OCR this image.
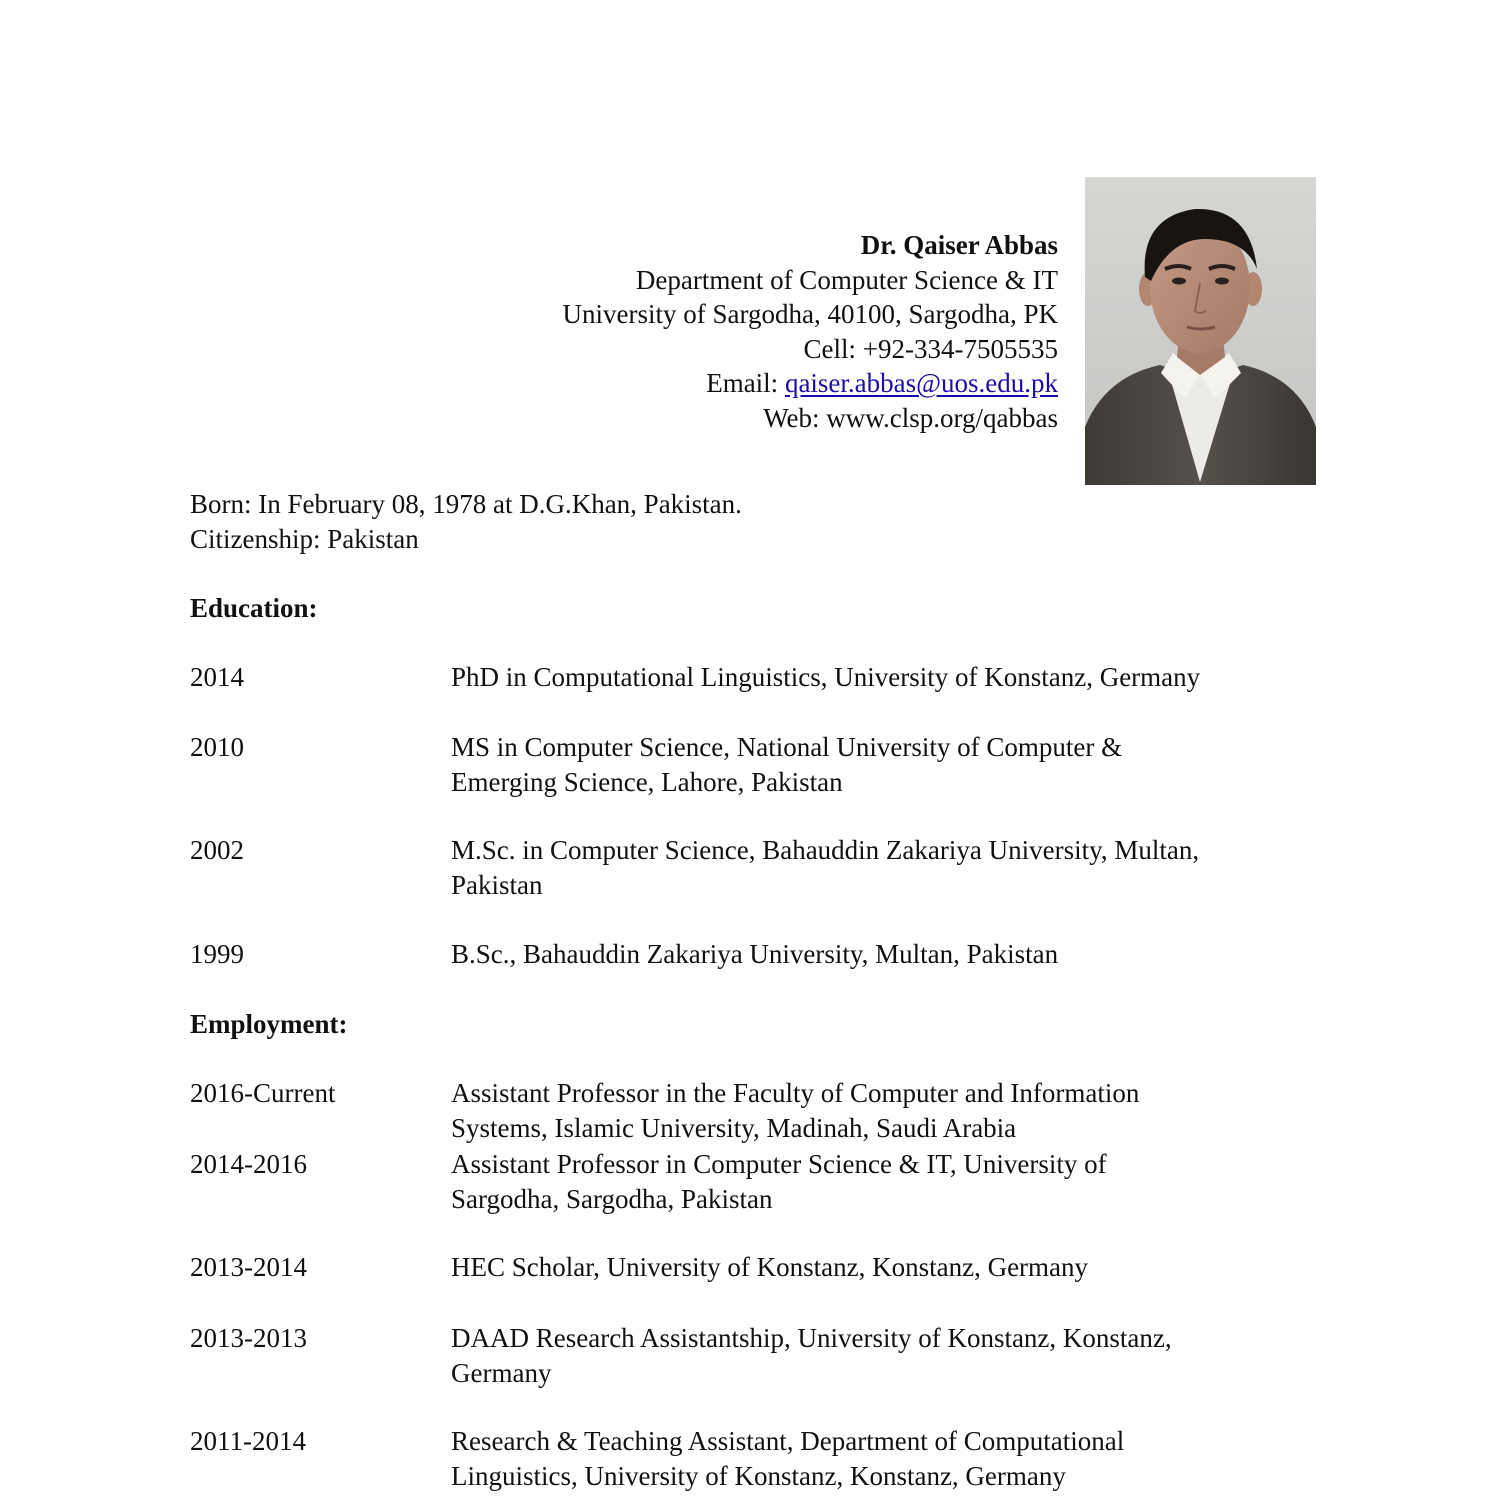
Dr. Qaiser Abbas
Department of Computer Science & IT
University of Sargodha, 40100, Sargodha, PK
Cell: +92-334-7505535
Email: qaiser.abbas@uos.edu.pk
Web: www.clsp.org/qabbas
Born: In February 08, 1978 at D.G.Khan, Pakistan.
Citizenship: Pakistan
Education:
2014	PhD in Computational Linguistics, University of Konstanz, Germany
2010	MS in Computer Science, National University of Computer &
Emerging Science, Lahore, Pakistan
2002	M.Sc. in Computer Science, Bahauddin Zakariya University, Multan,
Pakistan
1999	B.Sc., Bahauddin Zakariya University, Multan, Pakistan
Employment:
2016-Current	Assistant Professor in the Faculty of Computer and Information
Systems, Islamic University, Madinah, Saudi Arabia
2014-2016	Assistant Professor in Computer Science & IT, University of
Sargodha, Sargodha, Pakistan
2013-2014	HEC Scholar, University of Konstanz, Konstanz, Germany
2013-2013	DAAD Research Assistantship, University of Konstanz, Konstanz,
Germany
2011-2014	Research & Teaching Assistant, Department of Computational
Linguistics, University of Konstanz, Konstanz, Germany
